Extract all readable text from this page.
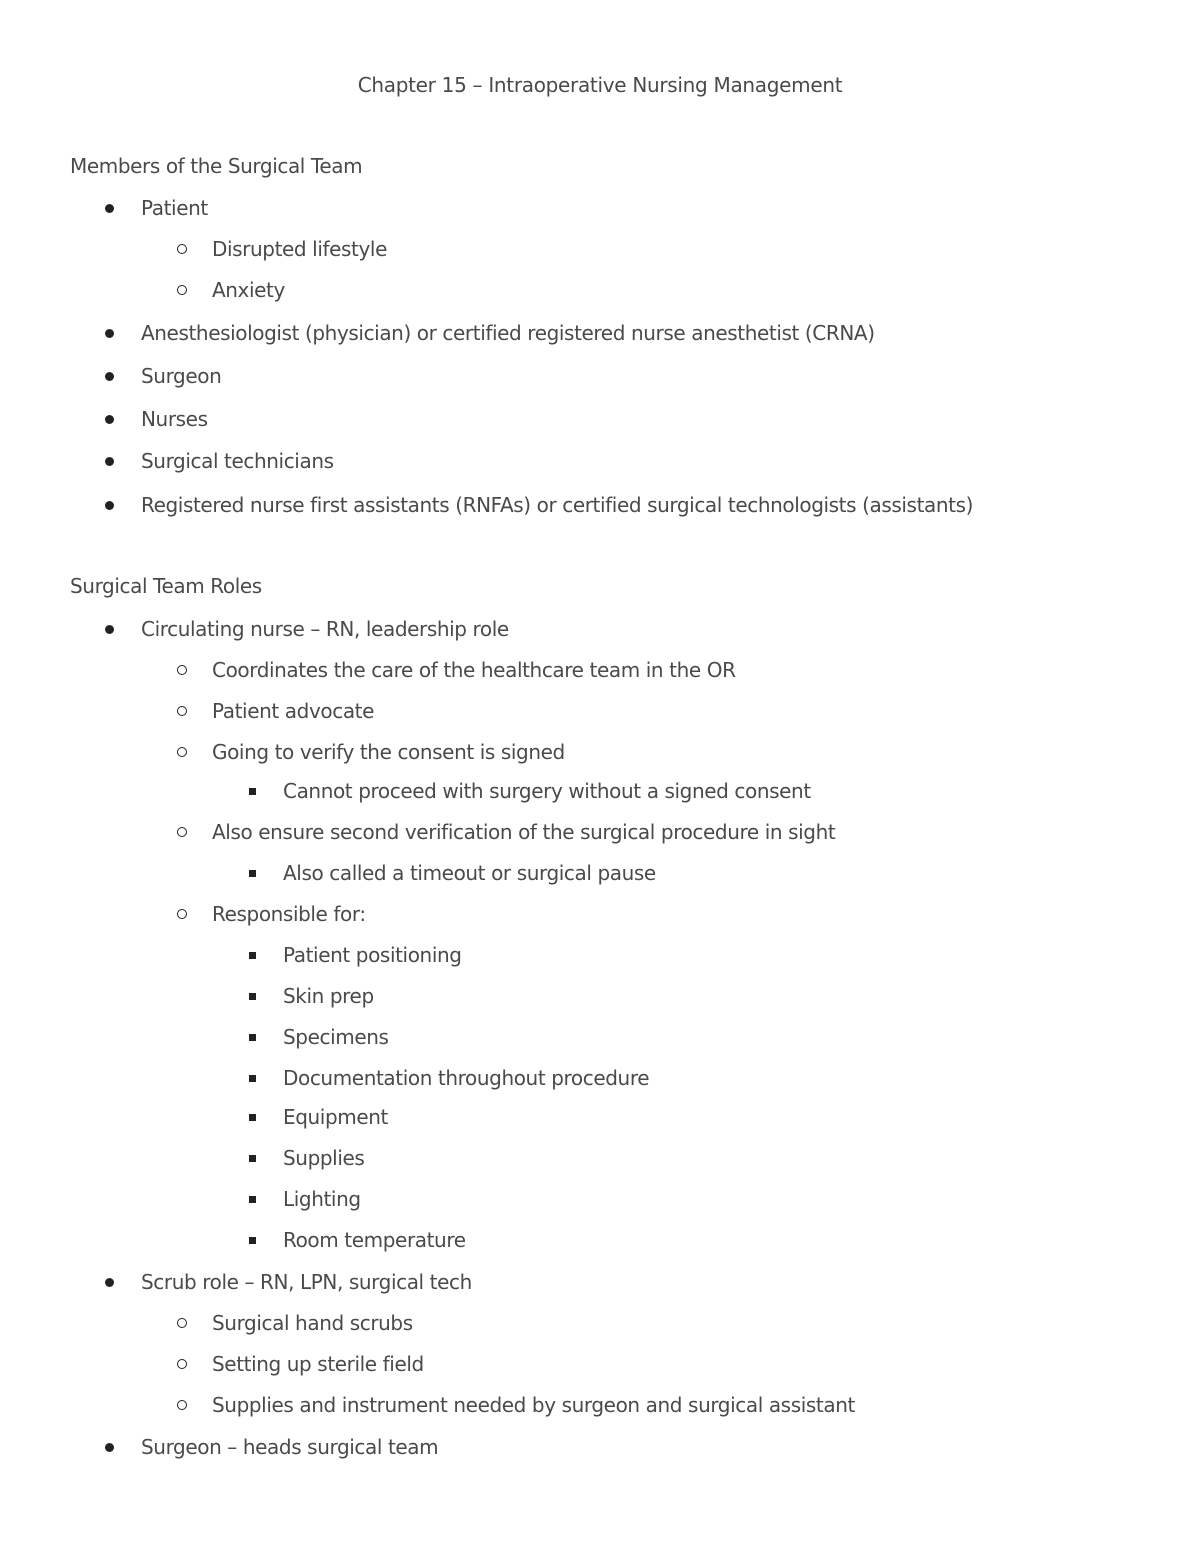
Chapter 15 – Intraoperative Nursing Management
Members of the Surgical Team
Patient
Disrupted lifestyle
Anxiety
Anesthesiologist (physician) or certified registered nurse anesthetist (CRNA)
Surgeon
Nurses
Surgical technicians
Registered nurse first assistants (RNFAs) or certified surgical technologists (assistants)
Surgical Team Roles
Circulating nurse – RN, leadership role
Coordinates the care of the healthcare team in the OR
Patient advocate
Going to verify the consent is signed
Cannot proceed with surgery without a signed consent
Also ensure second verification of the surgical procedure in sight
Also called a timeout or surgical pause
Responsible for:
Patient positioning
Skin prep
Specimens
Documentation throughout procedure
Equipment
Supplies
Lighting
Room temperature
Scrub role – RN, LPN, surgical tech
Surgical hand scrubs
Setting up sterile field
Supplies and instrument needed by surgeon and surgical assistant
Surgeon – heads surgical team
